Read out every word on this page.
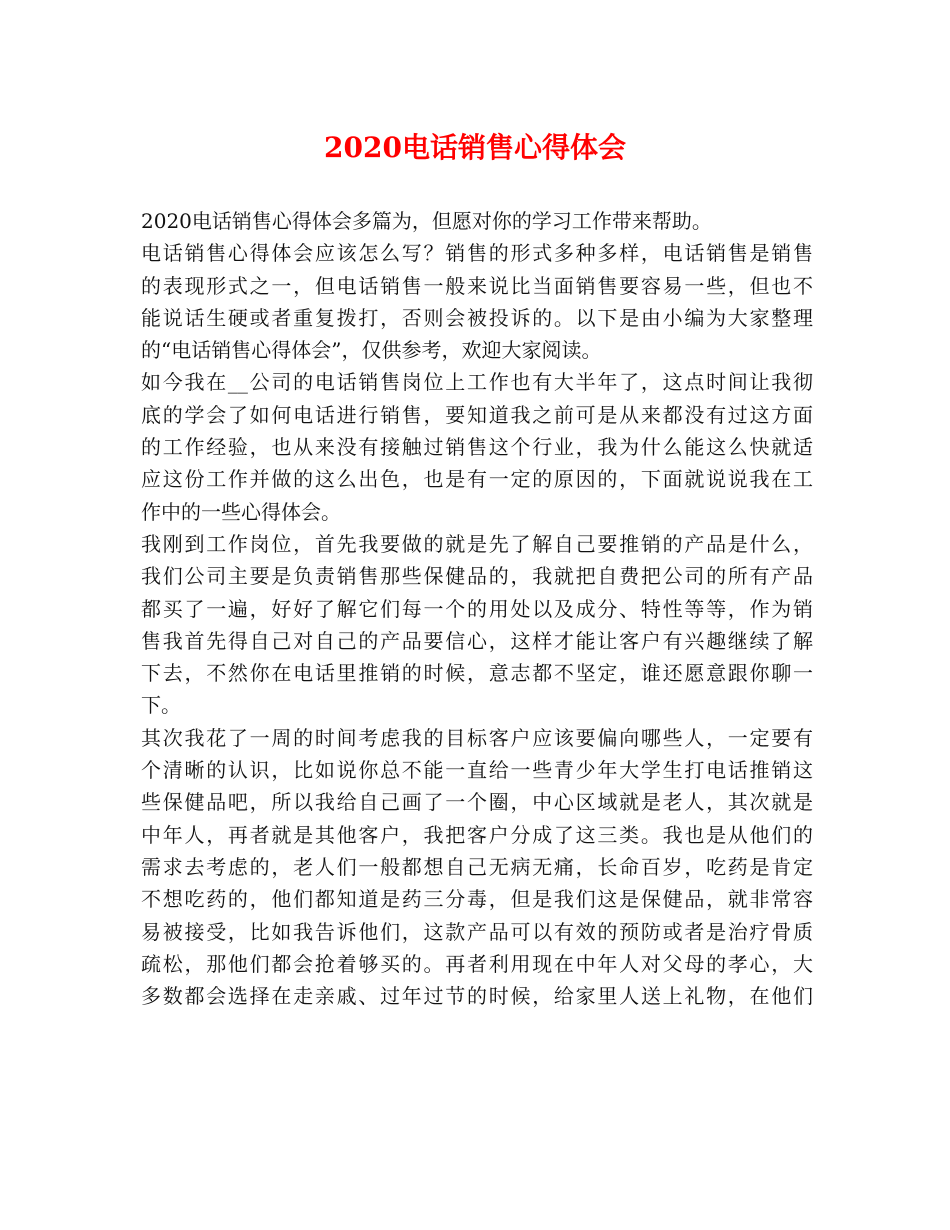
2020电话销售心得体会
2020电话销售心得体会多篇为，但愿对你的学习工作带来帮助。
电话销售心得体会应该怎么写？销售的形式多种多样，电话销售是销售
的表现形式之一，但电话销售一般来说比当面销售要容易一些，但也不
能说话生硬或者重复拨打，否则会被投诉的。以下是由小编为大家整理
的“电话销售心得体会”，仅供参考，欢迎大家阅读。
如今我在__公司的电话销售岗位上工作也有大半年了，这点时间让我彻
底的学会了如何电话进行销售，要知道我之前可是从来都没有过这方面
的工作经验，也从来没有接触过销售这个行业，我为什么能这么快就适
应这份工作并做的这么出色，也是有一定的原因的，下面就说说我在工
作中的一些心得体会。
我刚到工作岗位，首先我要做的就是先了解自己要推销的产品是什么，
我们公司主要是负责销售那些保健品的，我就把自费把公司的所有产品
都买了一遍，好好了解它们每一个的用处以及成分、特性等等，作为销
售我首先得自己对自己的产品要信心，这样才能让客户有兴趣继续了解
下去，不然你在电话里推销的时候，意志都不坚定，谁还愿意跟你聊一
下。
其次我花了一周的时间考虑我的目标客户应该要偏向哪些人，一定要有
个清晰的认识，比如说你总不能一直给一些青少年大学生打电话推销这
些保健品吧，所以我给自己画了一个圈，中心区域就是老人，其次就是
中年人，再者就是其他客户，我把客户分成了这三类。我也是从他们的
需求去考虑的，老人们一般都想自己无病无痛，长命百岁，吃药是肯定
不想吃药的，他们都知道是药三分毒，但是我们这是保健品，就非常容
易被接受，比如我告诉他们，这款产品可以有效的预防或者是治疗骨质
疏松，那他们都会抢着够买的。再者利用现在中年人对父母的孝心，大
多数都会选择在走亲戚、过年过节的时候，给家里人送上礼物，在他们
